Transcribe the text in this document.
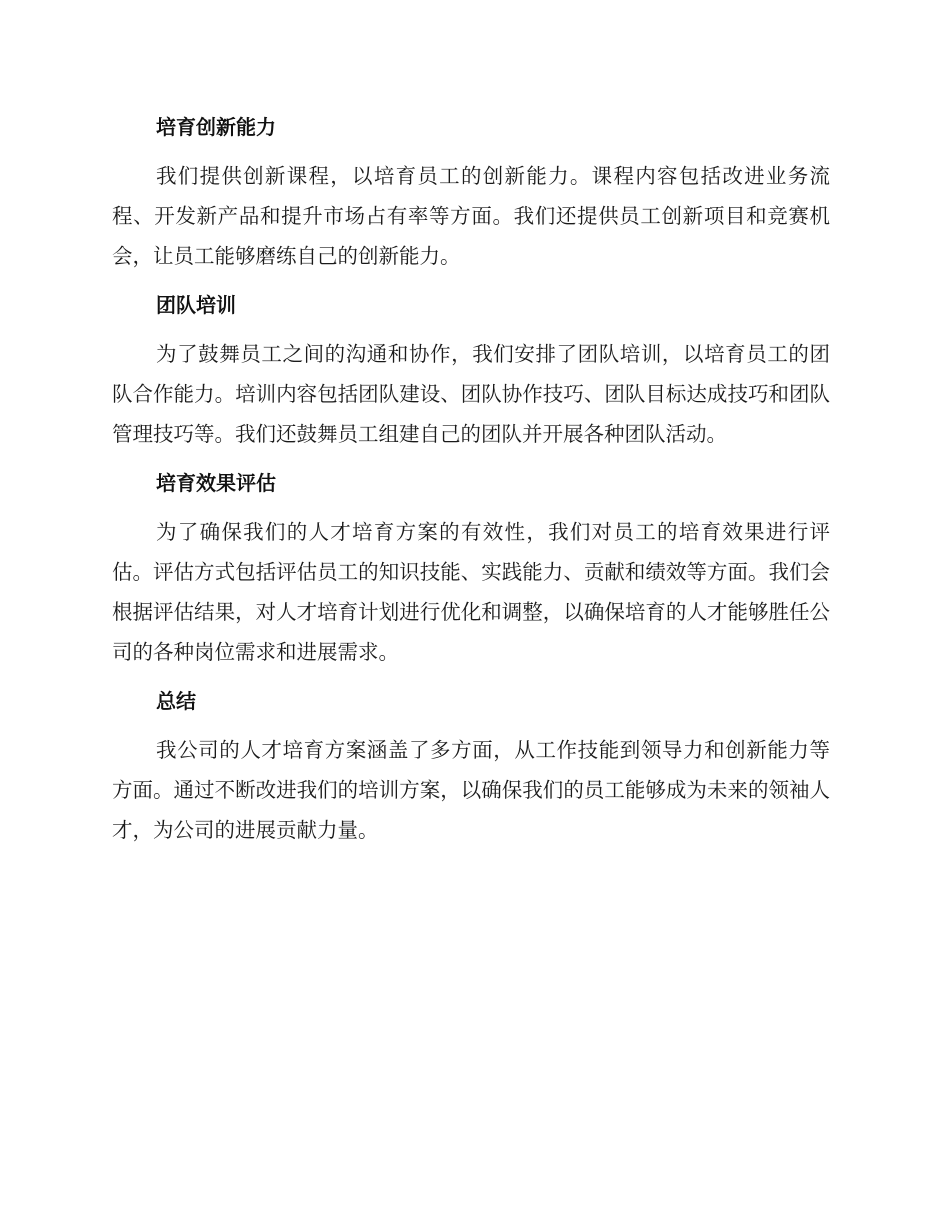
培育创新能力

我们提供创新课程，以培育员工的创新能力。课程内容包括改进业务流程、开发新产品和提升市场占有率等方面。我们还提供员工创新项目和竞赛机会，让员工能够磨练自己的创新能力。

团队培训

为了鼓舞员工之间的沟通和协作，我们安排了团队培训，以培育员工的团队合作能力。培训内容包括团队建设、团队协作技巧、团队目标达成技巧和团队管理技巧等。我们还鼓舞员工组建自己的团队并开展各种团队活动。

培育效果评估

为了确保我们的人才培育方案的有效性，我们对员工的培育效果进行评估。评估方式包括评估员工的知识技能、实践能力、贡献和绩效等方面。我们会根据评估结果，对人才培育计划进行优化和调整，以确保培育的人才能够胜任公司的各种岗位需求和进展需求。

总结

我公司的人才培育方案涵盖了多方面，从工作技能到领导力和创新能力等方面。通过不断改进我们的培训方案，以确保我们的员工能够成为未来的领袖人才，为公司的进展贡献力量。
